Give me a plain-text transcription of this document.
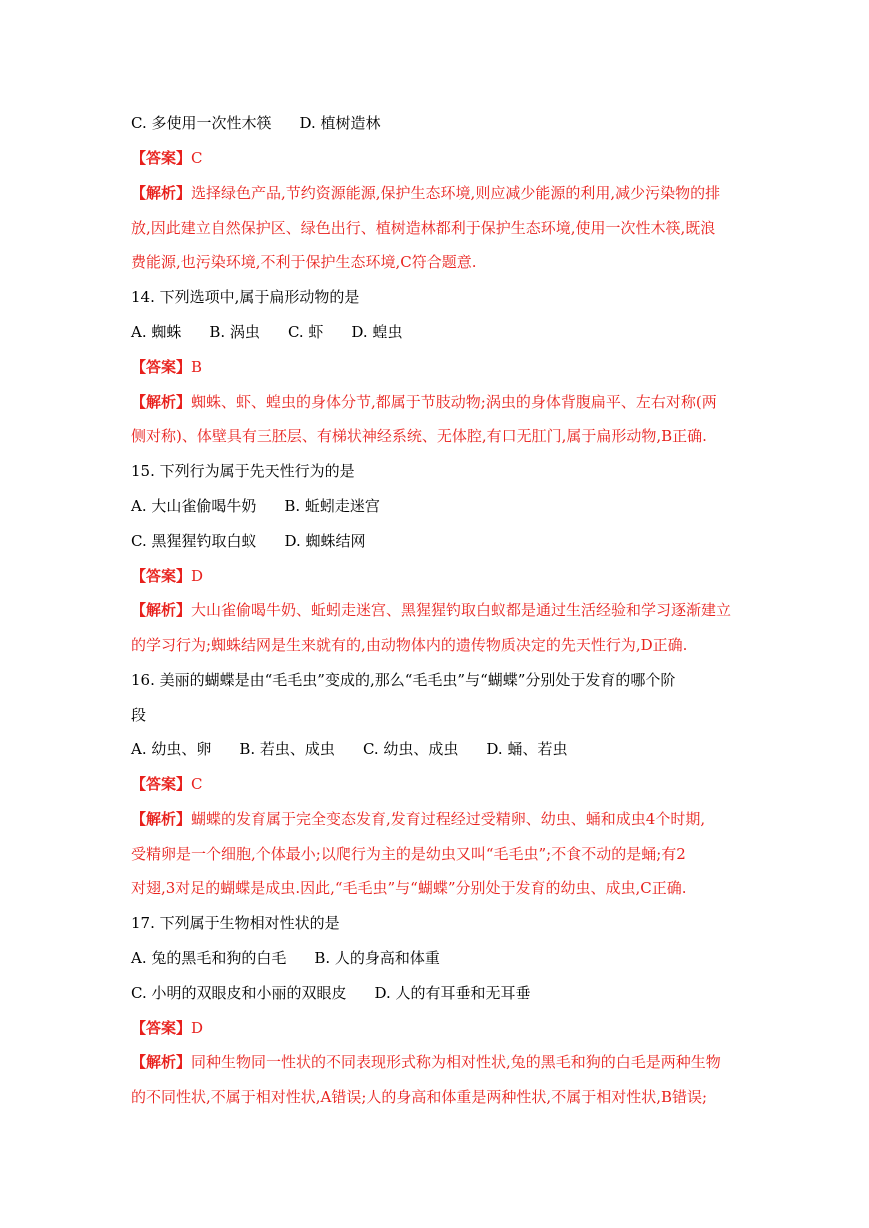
C. 多使用一次性木筷 D. 植树造林
【答案】C
【解析】选择绿色产品,节约资源能源,保护生态环境,则应减少能源的利用,减少污染物的排
放,因此建立自然保护区、绿色出行、植树造林都利于保护生态环境,使用一次性木筷,既浪
费能源,也污染环境,不利于保护生态环境,C符合题意.
14. 下列选项中,属于扁形动物的是
A. 蜘蛛 B. 涡虫 C. 虾 D. 蝗虫
【答案】B
【解析】蜘蛛、虾、蝗虫的身体分节,都属于节肢动物;涡虫的身体背腹扁平、左右对称(两
侧对称)、体壁具有三胚层、有梯状神经系统、无体腔,有口无肛门,属于扁形动物,B正确.
15. 下列行为属于先天性行为的是
A. 大山雀偷喝牛奶 B. 蚯蚓走迷宫
C. 黑猩猩钓取白蚁 D. 蜘蛛结网
【答案】D
【解析】大山雀偷喝牛奶、蚯蚓走迷宫、黑猩猩钓取白蚁都是通过生活经验和学习逐渐建立
的学习行为;蜘蛛结网是生来就有的,由动物体内的遗传物质决定的先天性行为,D正确.
16. 美丽的蝴蝶是由“毛毛虫”变成的,那么“毛毛虫”与“蝴蝶”分别处于发育的哪个阶
段
A. 幼虫、卵 B. 若虫、成虫 C. 幼虫、成虫 D. 蛹、若虫
【答案】C
【解析】蝴蝶的发育属于完全变态发育,发育过程经过受精卵、幼虫、蛹和成虫4个时期,
受精卵是一个细胞,个体最小;以爬行为主的是幼虫又叫“毛毛虫”;不食不动的是蛹;有2
对翅,3对足的蝴蝶是成虫.因此,“毛毛虫”与“蝴蝶”分别处于发育的幼虫、成虫,C正确.
17. 下列属于生物相对性状的是
A. 兔的黑毛和狗的白毛 B. 人的身高和体重
C. 小明的双眼皮和小丽的双眼皮 D. 人的有耳垂和无耳垂
【答案】D
【解析】同种生物同一性状的不同表现形式称为相对性状,兔的黑毛和狗的白毛是两种生物
的不同性状,不属于相对性状,A错误;人的身高和体重是两种性状,不属于相对性状,B错误;
